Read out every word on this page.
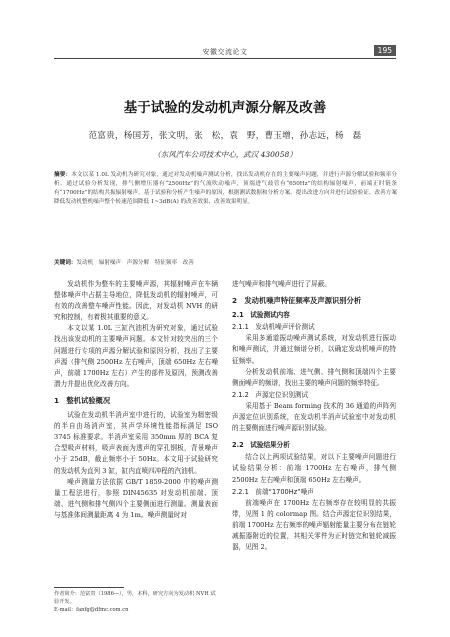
安徽交流论文	195
基于试验的发动机声源分解及改善
范富贵，杨国芳，张文明，张　松，袁　野，曹玉增，孙志远，杨　磊
（东风汽车公司技术中心，武汉 430058）
摘要：本文以某 1.0L 发动机为研究对象，通过对发动机噪声测试分析，找出发动机存在的主要噪声问题，并进行声源分解试验和频率分析。通过试验分析发现，排气侧增压器有“2500Hz”的气流吹动噪声，顶端进气歧管有“650Hz”的结构辐射噪声，前端正时链条有“1700Hz”的结构共振辐射噪声。基于试验和分析产生噪声的原因，根据测试数据和分析方案，提出改进方向并进行试验验证。改善方案降低发动机整机噪声整个转速范围降低 1~3dB(A) 的改善效果，改善效果明显。
关键词：发动机　辐射噪声　声源分解　特征频率　改善

发动机作为整车的主要噪声源，其辐射噪声在车辆整体噪声中占据主导地位，降低发动机的辐射噪声，可有效的改善整车噪声性能。因此，对发动机 NVH 的研究和控制，有着极其重要的意义。

本文以某 1.0L 三缸汽油机为研究对象，通过试验找出该发动机的主要噪声问题。本文针对较突出的三个问题进行专项的声源分解试验和原因分析，找出了主要声源（排气侧 2500Hz 左右噪声，顶端 650Hz 左右噪声，前端 1700Hz 左右）产生的部件及原因，预测改善潜力并提出优化改善方向。

1　整机试验概况

试验在发动机半消声室中进行的，试验室为精密级的半自由场消声室，其声学环境性能指标满足 ISO 3745 标准要求。半消声室采用 350mm 厚的 BCA 复合型吸声材料，吸声表面为透声的穿孔钢板，背景噪声小于 25dB，截止频率小于 50Hz。本文用于试验研究的发动机为直列 3 缸，缸内直喷四冲程的汽油机。

噪声测量方法依据 GB/T 1859-2000 中的噪声测量工程法进行，参照 DIN45635 对发动机前端、顶端、进气侧和排气侧四个主要侧面进行测量。测量表面与基准体间测量距离 4 为 1m。噪声测量时对

作者简介：范富贵（1986—），男，本科，研究方向为发动机 NVH 试验开发。
E-mail：fanfg@dfmc.com.cn

进气噪声和排气噪声进行了屏蔽。

2　发动机噪声特征频率及声源识别分析
2.1　试验测试内容
2.1.1　发动机噪声评价测试

采用多通道振动噪声测试系统，对发动机进行振动和噪声测试，并通过频谱分析，以确定发动机噪声的特征频率。

分析发动机前端、进气侧、排气侧和顶端四个主要侧面噪声的频谱，找出主要的噪声问题的频率特征。

2.1.2　声源定位识别测试

采用基于 Beam forming 技术的 36 通道的声阵列声源定位识别系统，在发动机半消声试验室中对发动机的主要侧面进行噪声源识别试验。

2.2　试验结果分析

结合以上两项试验结果，对以下主要噪声问题进行试验结果分析：前端 1700Hz 左右噪声，排气侧 2500Hz 左右噪声和顶端 650Hz 左右噪声。

2.2.1　前端“1700Hz”噪声

前端噪声在 1700Hz 左右频率存在较明显的共振带，见图 1 的 colormap 图。结合声源定位识别结果，前端 1700Hz 左右频率的噪声辐射能量主要分布在链轮减振器附近的位置，其相关零件为正时链完和链轮减振器，见图 2。
